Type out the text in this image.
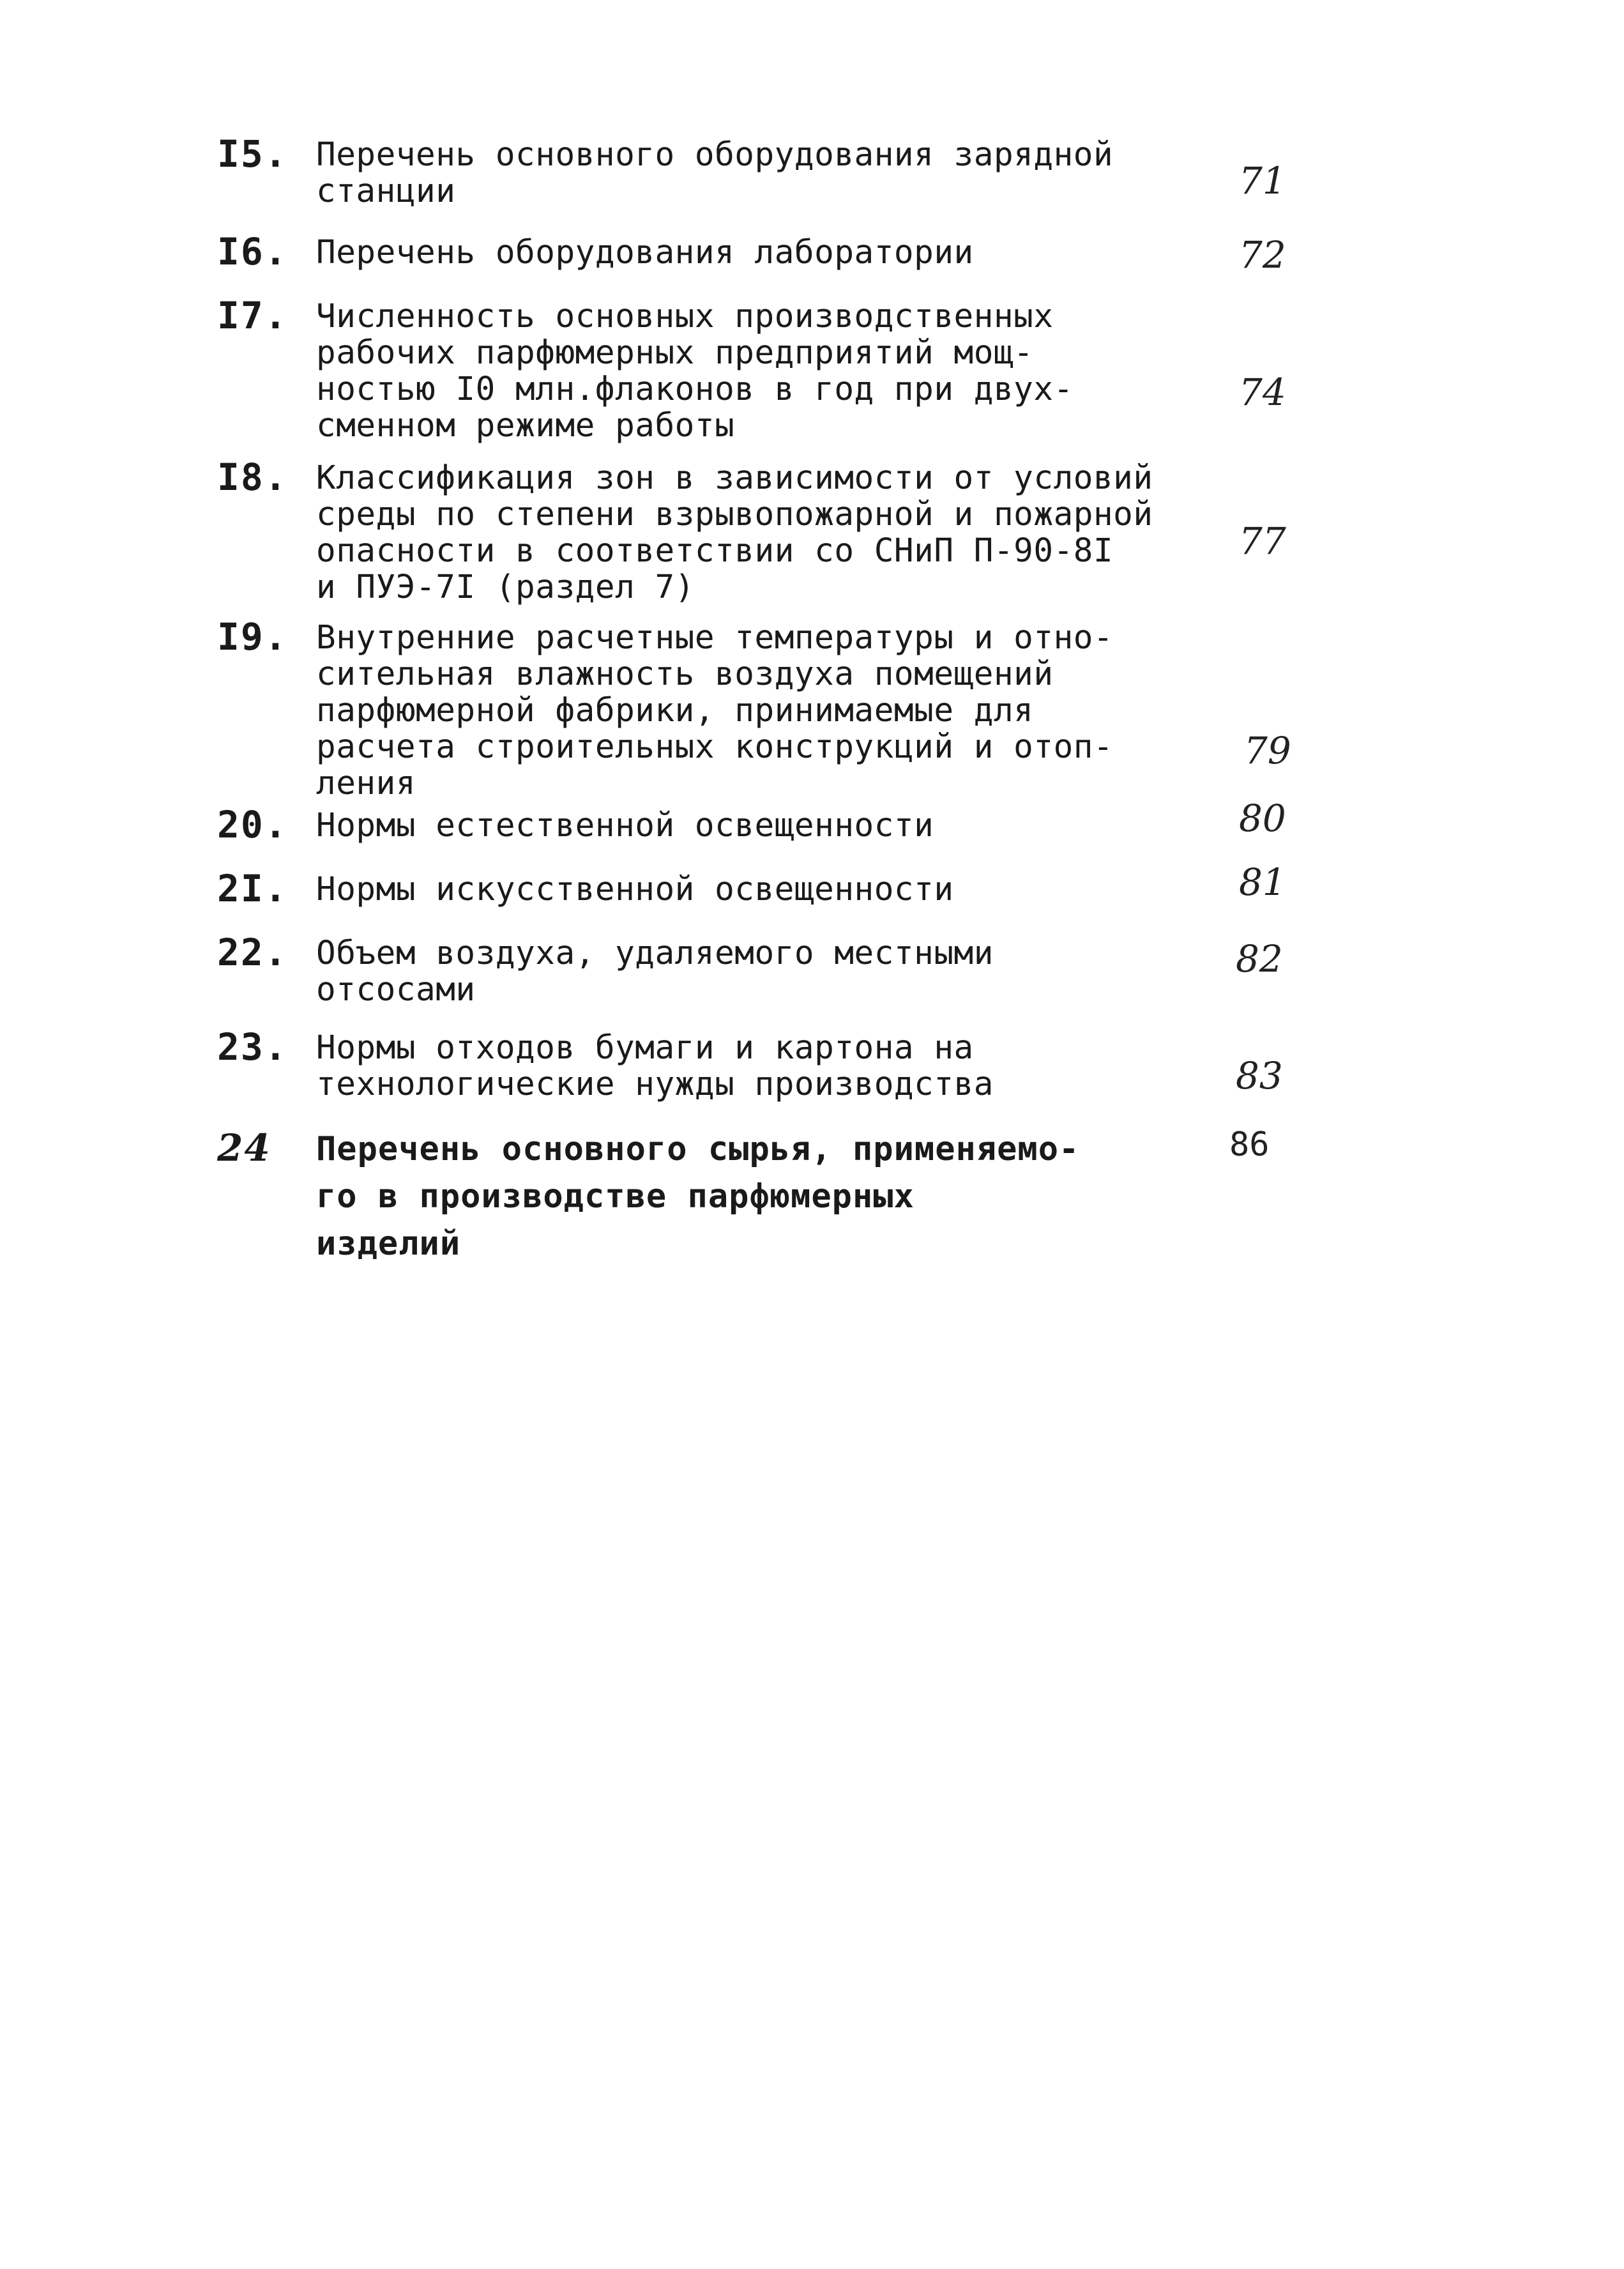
I5. Перечень основного оборудования зарядной
станции	71
I6. Перечень оборудования лаборатории	72
I7. Численность основных производственных
рабочих парфюмерных предприятий мощ-
ностью I0 млн.флаконов в год при двух-
сменном режиме работы
74
I8. Классификация зон в зависимости от условий
среды по степени взрывопожарной и пожарной
опасности в соответствии со СНиП П-90-8I
и ПУЭ-7I (раздел 7)
77
I9. Внутренние расчетные температуры и отно-
сительная влажность воздуха помещений
парфюмерной фабрики, принимаемые для
расчета строительных конструкций и отоп-
ления
79
20. Нормы естественной освещенности	80
2I. Нормы искусственной освещенности	81
22. Объем воздуха, удаляемого местными
отсосами
82
23. Нормы отходов бумаги и картона на
технологические нужды производства	83
24 Перечень основного сырья, применяемо-
го в производстве парфюмерных
изделий
86
